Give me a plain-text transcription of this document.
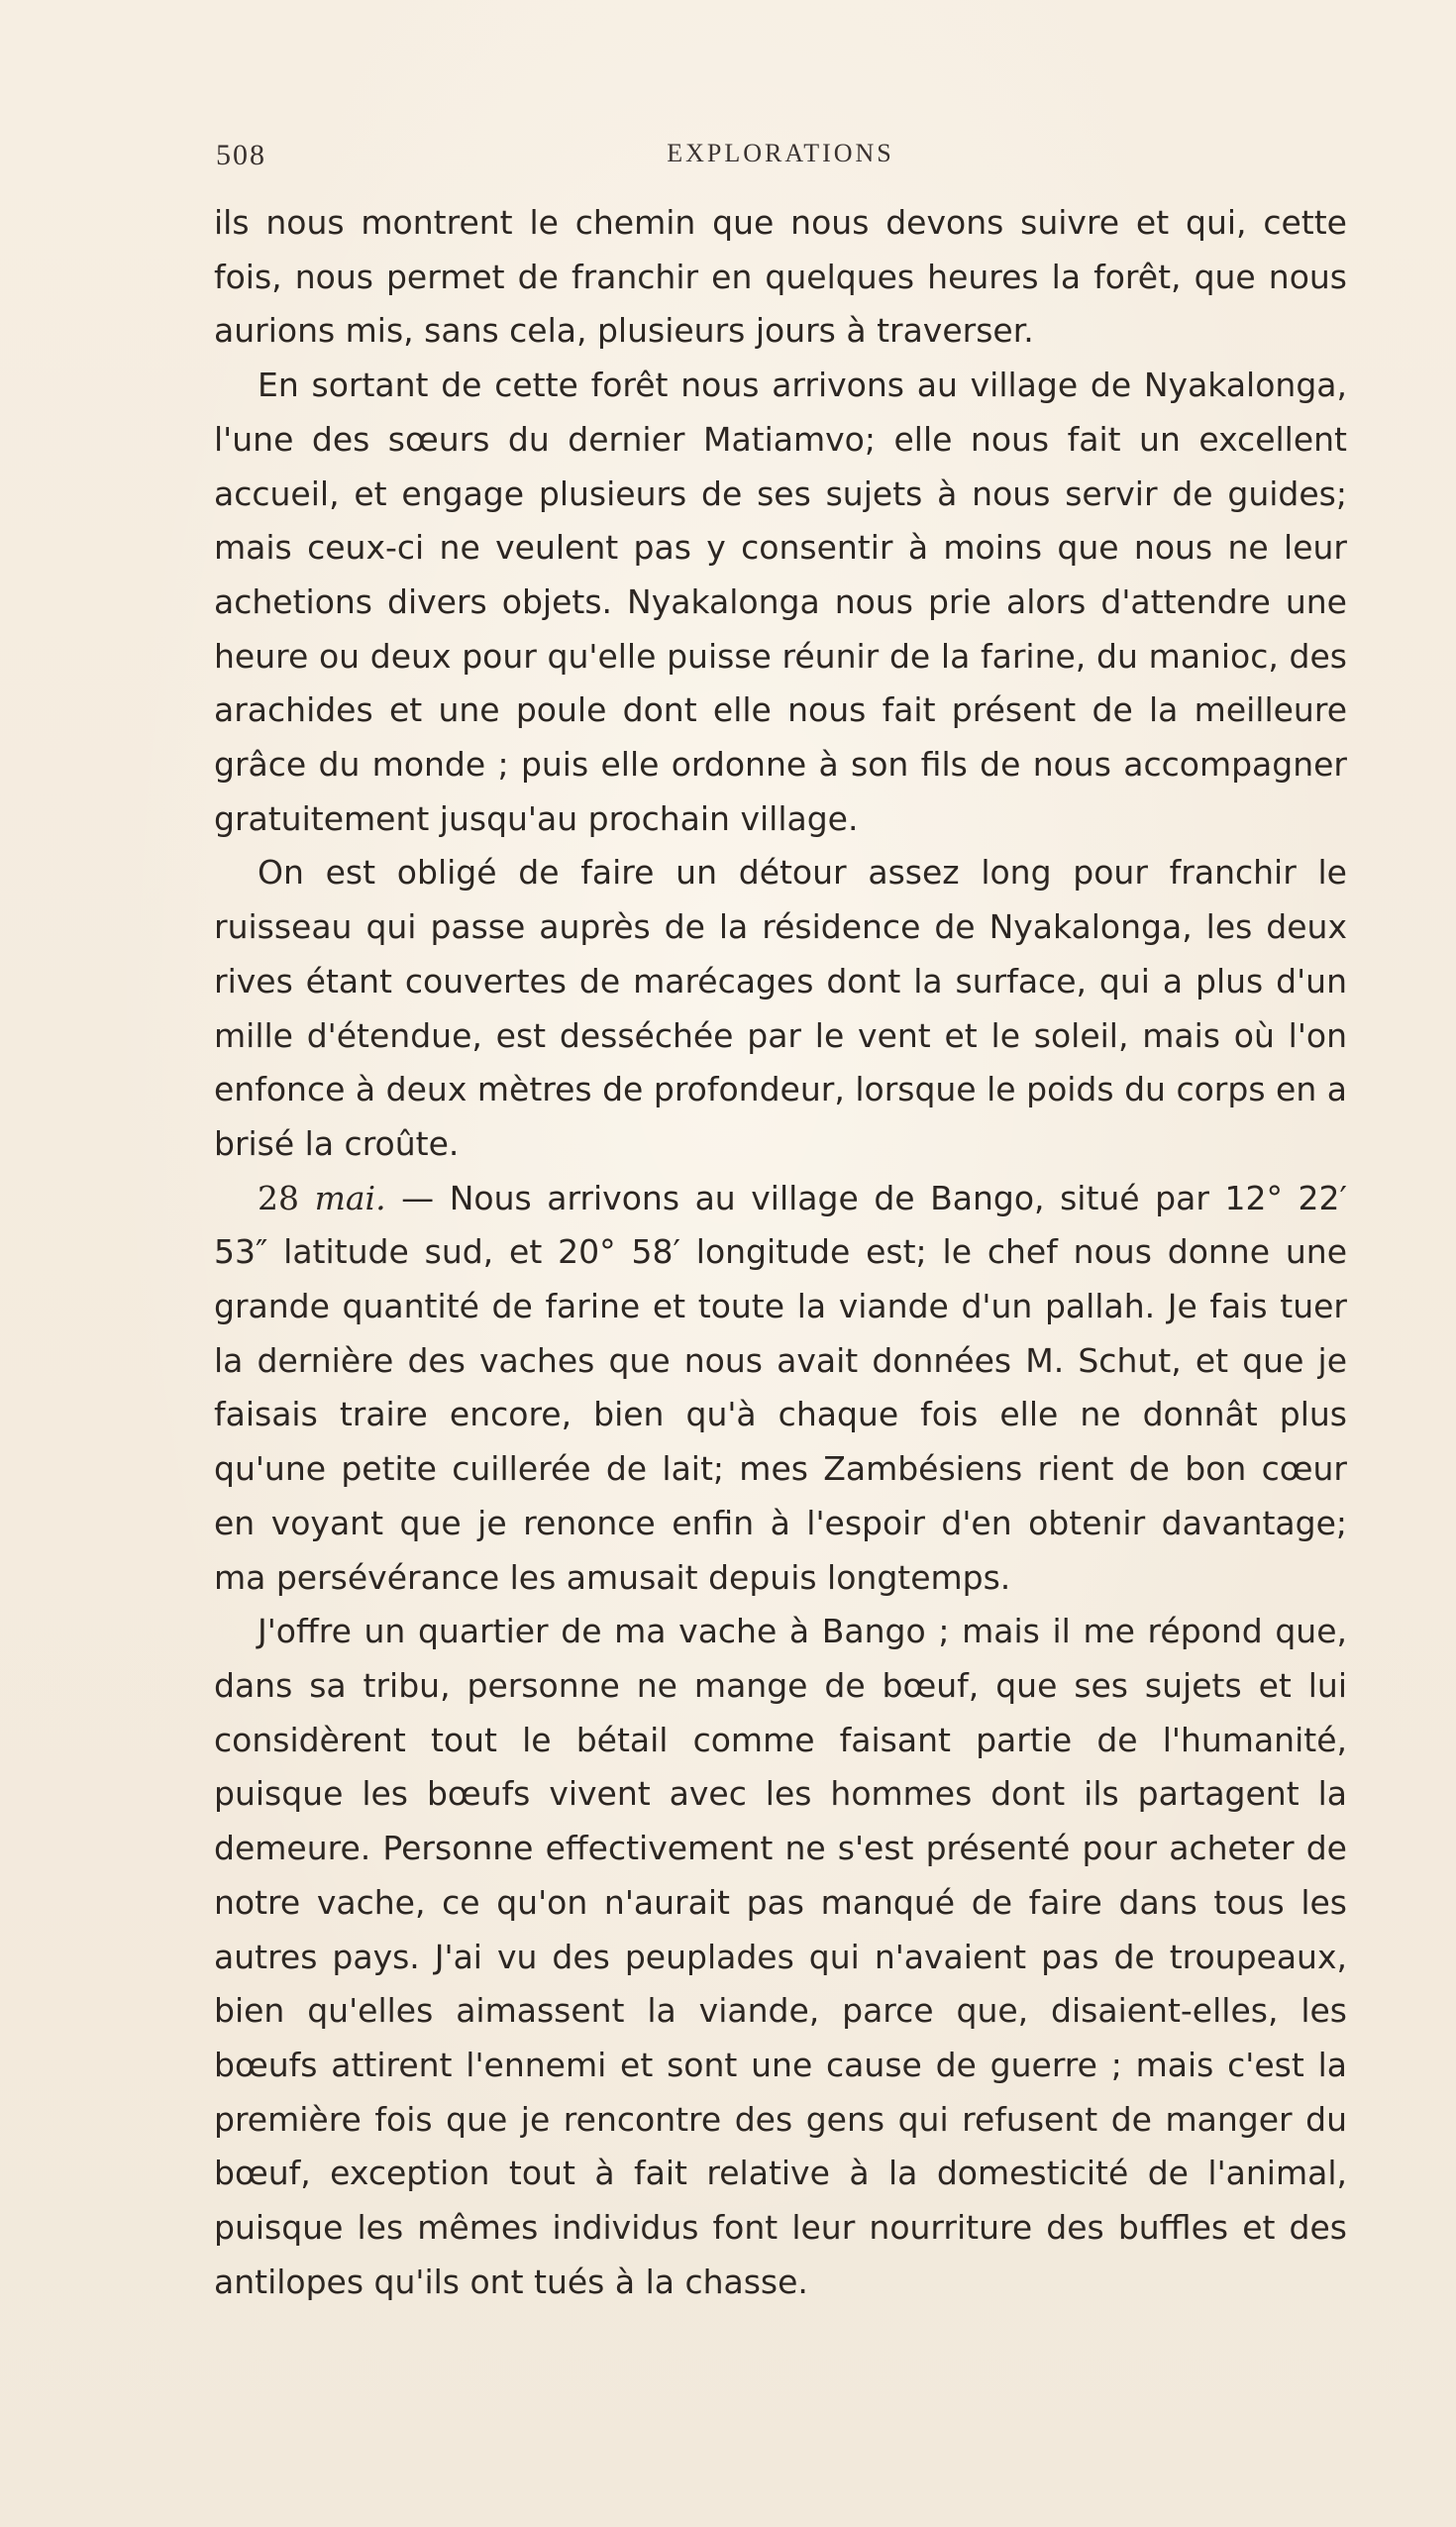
508	EXPLORATIONS

ils nous montrent le chemin que nous devons suivre et qui, cette fois, nous permet de franchir en quelques heures la forêt, que nous aurions mis, sans cela, plusieurs jours à traverser.

En sortant de cette forêt nous arrivons au village de Nyakalonga, l'une des sœurs du dernier Matiamvo; elle nous fait un excellent accueil, et engage plusieurs de ses sujets à nous servir de guides; mais ceux-ci ne veulent pas y consentir à moins que nous ne leur achetions divers objets. Nyakalonga nous prie alors d'attendre une heure ou deux pour qu'elle puisse réunir de la farine, du manioc, des arachides et une poule dont elle nous fait présent de la meilleure grâce du monde ; puis elle ordonne à son fils de nous accompagner gratuitement jusqu'au prochain village.

On est obligé de faire un détour assez long pour franchir le ruisseau qui passe auprès de la résidence de Nyakalonga, les deux rives étant couvertes de marécages dont la surface, qui a plus d'un mille d'étendue, est desséchée par le vent et le soleil, mais où l'on enfonce à deux mètres de profondeur, lorsque le poids du corps en a brisé la croûte.

28 mai. — Nous arrivons au village de Bango, situé par 12° 22′ 53″ latitude sud, et 20° 58′ longitude est; le chef nous donne une grande quantité de farine et toute la viande d'un pallah. Je fais tuer la dernière des vaches que nous avait données M. Schut, et que je faisais traire encore, bien qu'à chaque fois elle ne donnât plus qu'une petite cuillerée de lait; mes Zambésiens rient de bon cœur en voyant que je renonce enfin à l'espoir d'en obtenir davantage; ma persévérance les amusait depuis longtemps.

J'offre un quartier de ma vache à Bango ; mais il me répond que, dans sa tribu, personne ne mange de bœuf, que ses sujets et lui considèrent tout le bétail comme faisant partie de l'humanité, puisque les bœufs vivent avec les hommes dont ils partagent la demeure. Personne effectivement ne s'est présenté pour acheter de notre vache, ce qu'on n'aurait pas manqué de faire dans tous les autres pays. J'ai vu des peuplades qui n'avaient pas de troupeaux, bien qu'elles aimassent la viande, parce que, disaient-elles, les bœufs attirent l'ennemi et sont une cause de guerre ; mais c'est la première fois que je rencontre des gens qui refusent de manger du bœuf, exception tout à fait relative à la domesticité de l'animal, puisque les mêmes individus font leur nourriture des buffles et des antilopes qu'ils ont tués à la chasse.
